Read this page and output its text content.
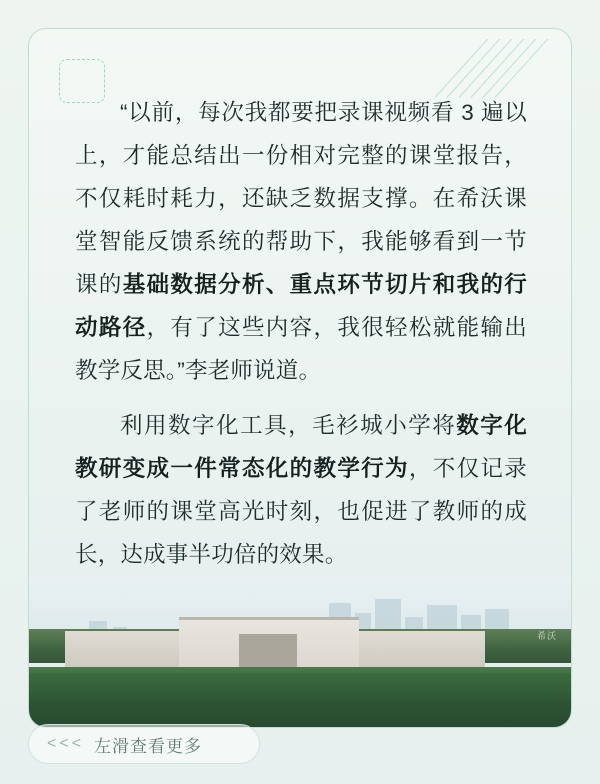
“以前，每次我都要把录课视频看 3 遍以上，才能总结出一份相对完整的课堂报告，不仅耗时耗力，还缺乏数据支撑。在希沃课堂智能反馈系统的帮助下，我能够看到一节课的基础数据分析、重点环节切片和我的行动路径，有了这些内容，我很轻松就能输出教学反思。”李老师说道。

利用数字化工具，毛衫城小学将数字化教研变成一件常态化的教学行为，不仅记录了老师的课堂高光时刻，也促进了教师的成长，达成事半功倍的效果。

希沃
<<< 左滑查看更多
